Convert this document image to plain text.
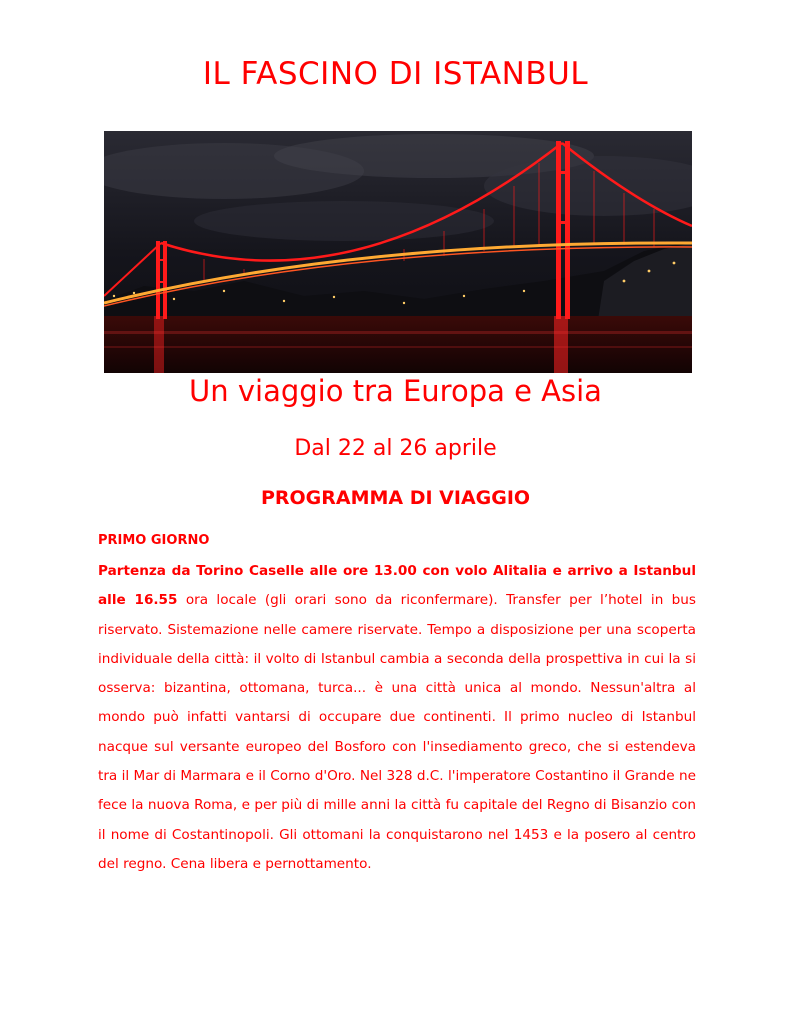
IL FASCINO DI ISTANBUL
Un viaggio tra Europa e Asia
Dal 22 al 26 aprile
PROGRAMMA DI VIAGGIO
PRIMO GIORNO

Partenza da Torino Caselle alle ore 13.00 con volo Alitalia e arrivo a Istanbul alle 16.55 ora locale (gli orari sono da riconfermare). Transfer per l’hotel in bus riservato. Sistemazione nelle camere riservate. Tempo a disposizione per una scoperta individuale della città: il volto di Istanbul cambia a seconda della prospettiva in cui la si osserva: bizantina, ottomana, turca... è una città unica al mondo. Nessun'altra al mondo può infatti vantarsi di occupare due continenti. Il primo nucleo di Istanbul nacque sul versante europeo del Bosforo con l'insediamento greco, che si estendeva tra il Mar di Marmara e il Corno d'Oro. Nel 328 d.C. l'imperatore Costantino il Grande ne fece la nuova Roma, e per più di mille anni la città fu capitale del Regno di Bisanzio con il nome di Costantinopoli. Gli ottomani la conquistarono nel 1453 e la posero al centro del regno. Cena libera e pernottamento.
